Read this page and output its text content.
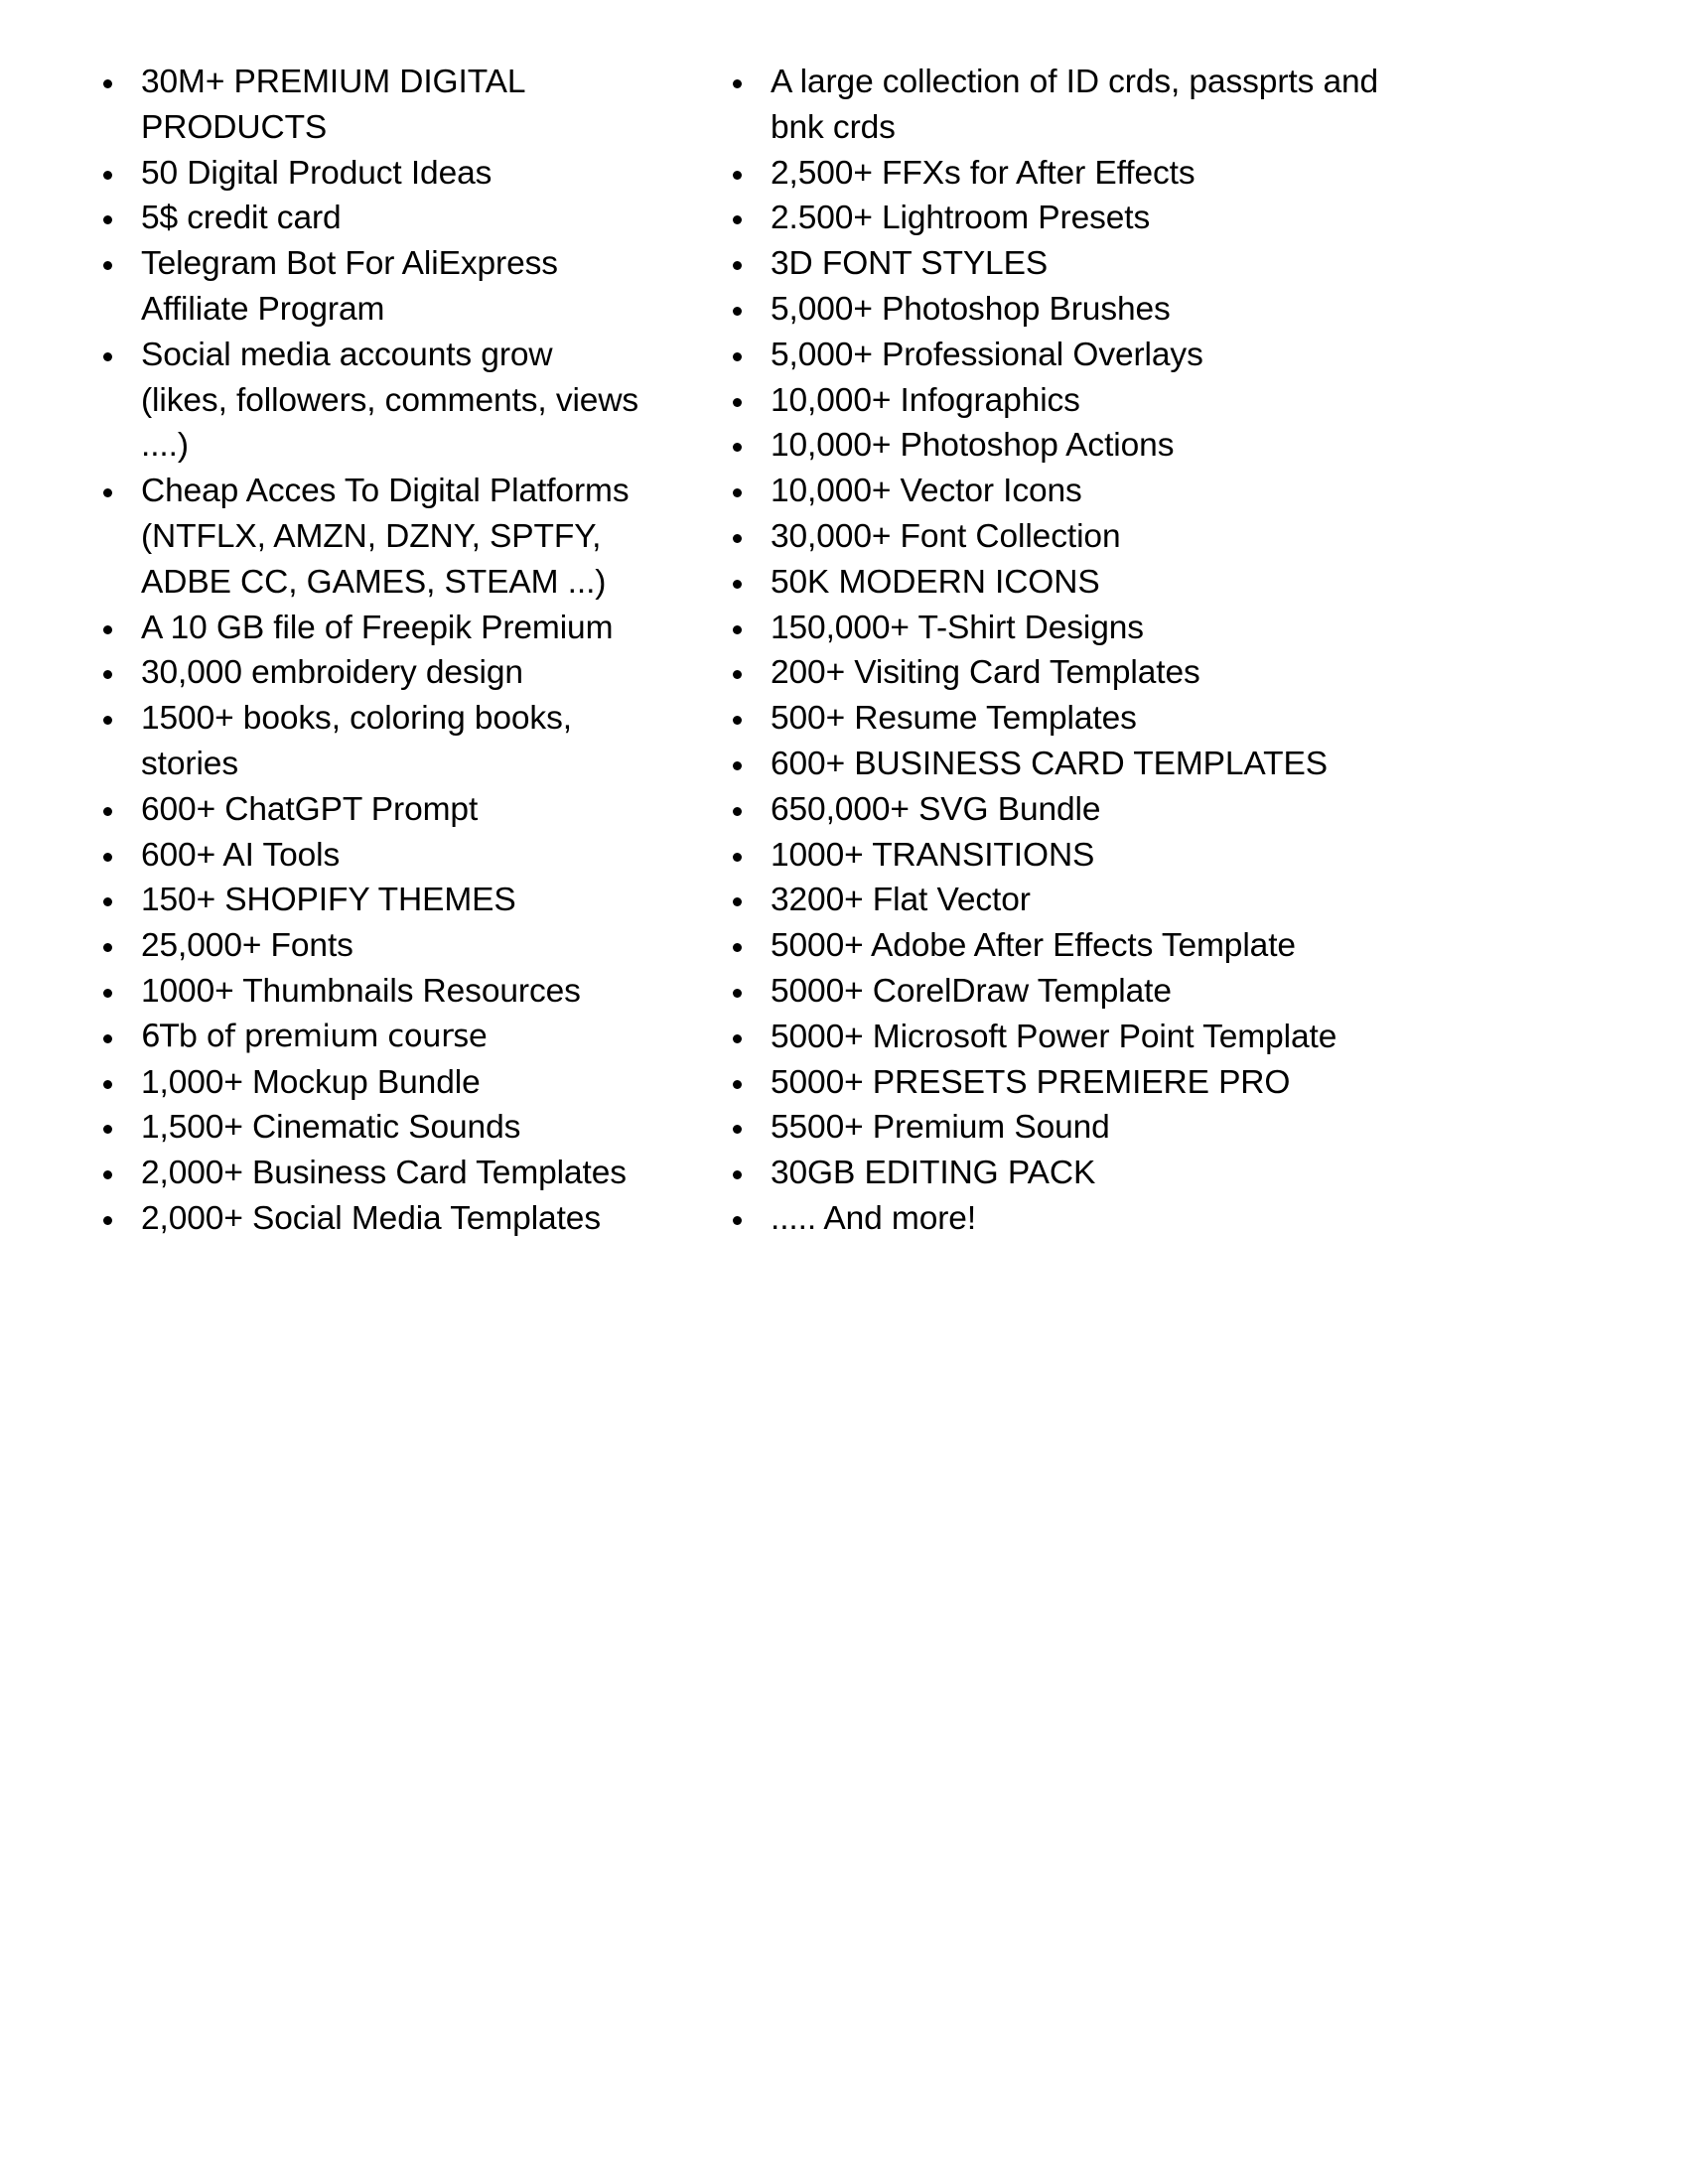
30M+ PREMIUM DIGITAL PRODUCTS
50 Digital Product Ideas
5$ credit card
Telegram Bot For AliExpress Affiliate Program
Social media accounts grow (likes, followers, comments, views ....)
Cheap Acces To Digital Platforms (NTFLX, AMZN, DZNY, SPTFY, ADBE CC, GAMES, STEAM ...)
A 10 GB file of Freepik Premium
30,000 embroidery design
1500+ books, coloring books, stories
600+ ChatGPT Prompt
600+ AI Tools
150+ SHOPIFY THEMES
25,000+ Fonts
1000+ Thumbnails Resources
6Tb of premium course
1,000+ Mockup Bundle
1,500+ Cinematic Sounds
2,000+ Business Card Templates
2,000+ Social Media Templates
A large collection of ID crds, passprts and bnk crds
2,500+ FFXs for After Effects
2.500+ Lightroom Presets
3D FONT STYLES
5,000+ Photoshop Brushes
5,000+ Professional Overlays
10,000+ Infographics
10,000+ Photoshop Actions
10,000+ Vector Icons
30,000+ Font Collection
50K MODERN ICONS
150,000+ T-Shirt Designs
200+ Visiting Card Templates
500+ Resume Templates
600+ BUSINESS CARD TEMPLATES
650,000+ SVG Bundle
1000+ TRANSITIONS
3200+ Flat Vector
5000+ Adobe After Effects Template
5000+ CorelDraw Template
5000+ Microsoft Power Point Template
5000+ PRESETS PREMIERE PRO
5500+ Premium Sound
30GB EDITING PACK
..... And more!
